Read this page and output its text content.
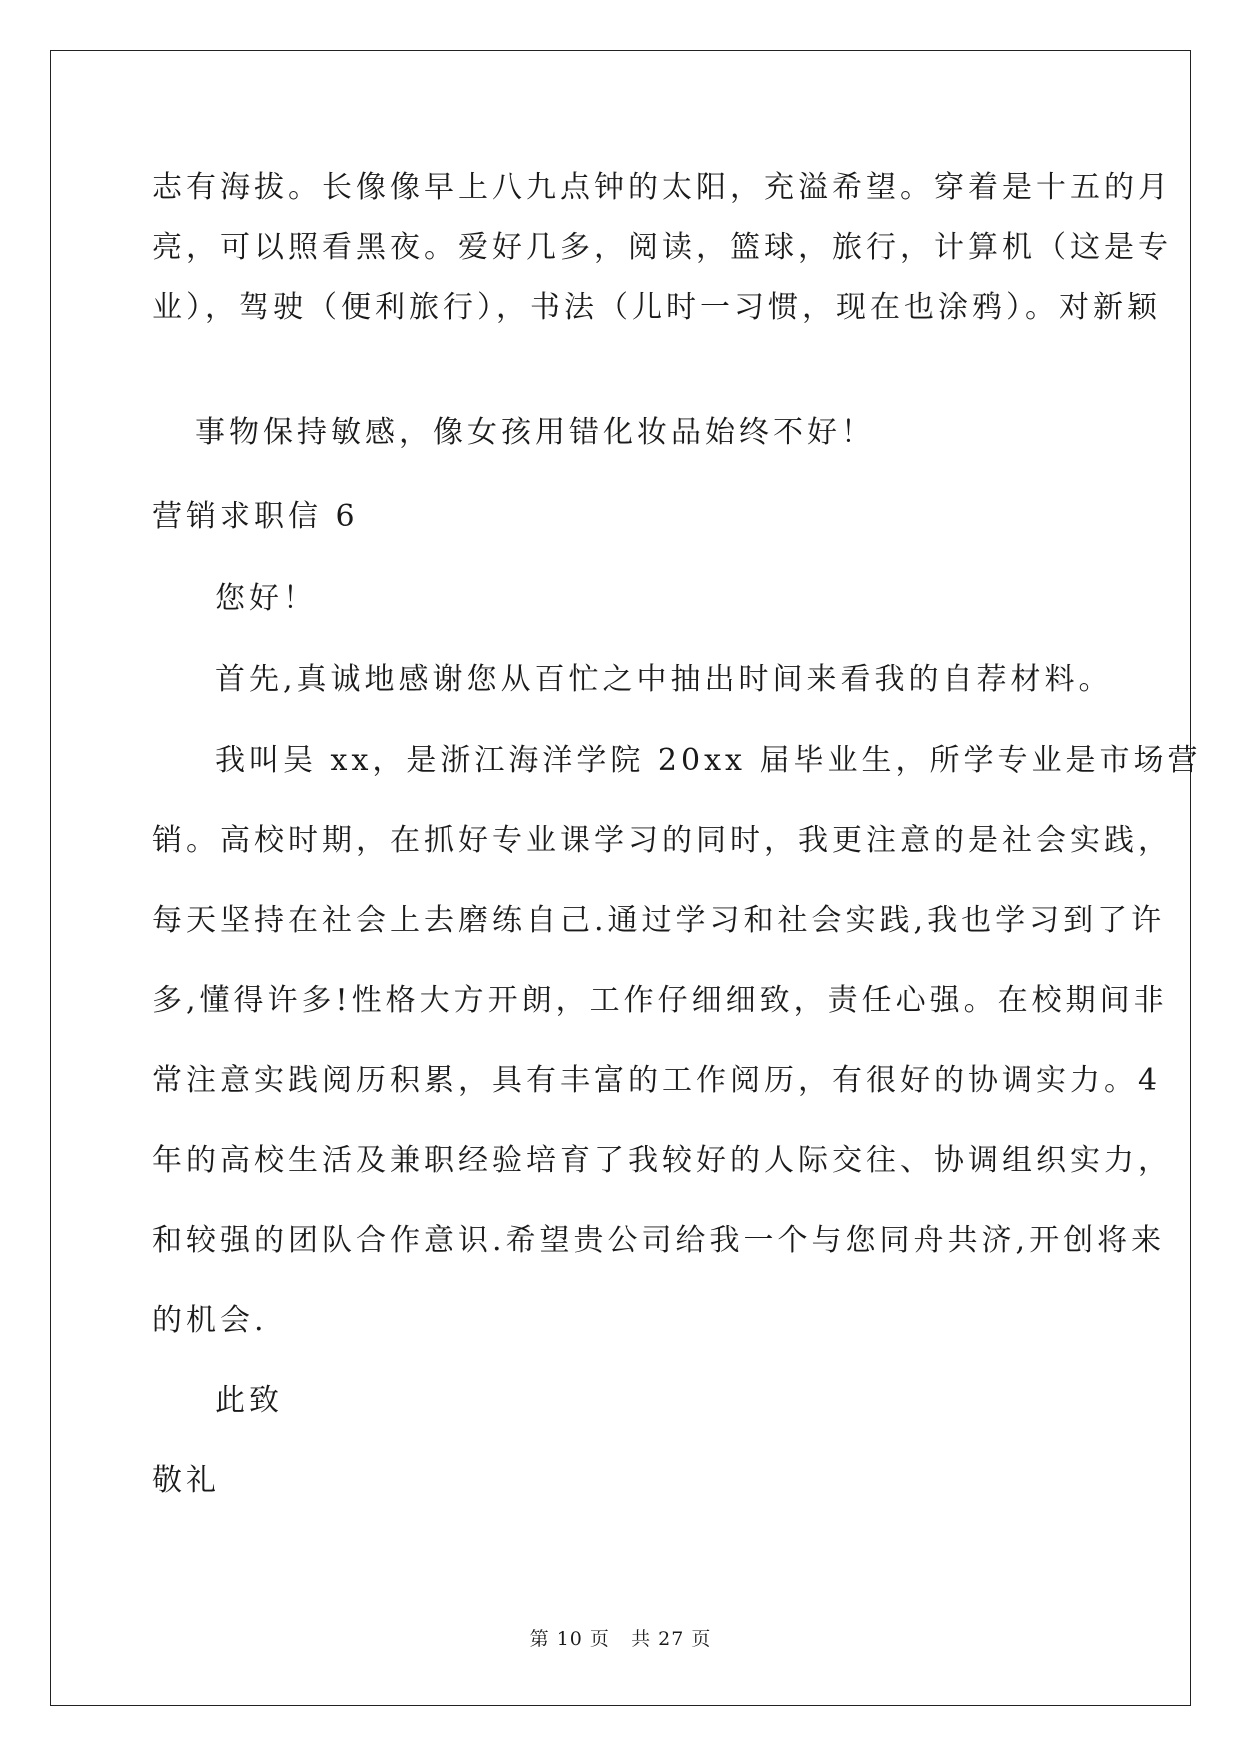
志有海拔。长像像早上八九点钟的太阳，充溢希望。穿着是十五的月
亮，可以照看黑夜。爱好几多，阅读，篮球，旅行，计算机（这是专
业），驾驶（便利旅行），书法（儿时一习惯，现在也涂鸦）。对新颖
事物保持敏感，像女孩用错化妆品始终不好！
营销求职信 6
您好！
首先,真诚地感谢您从百忙之中抽出时间来看我的自荐材料。
我叫吴 xx，是浙江海洋学院 20xx 届毕业生，所学专业是市场营
销。高校时期，在抓好专业课学习的同时，我更注意的是社会实践，
每天坚持在社会上去磨练自己.通过学习和社会实践,我也学习到了许
多,懂得许多!性格大方开朗，工作仔细细致，责任心强。在校期间非
常注意实践阅历积累，具有丰富的工作阅历，有很好的协调实力。4
年的高校生活及兼职经验培育了我较好的人际交往、协调组织实力，
和较强的团队合作意识.希望贵公司给我一个与您同舟共济,开创将来
的机会.
此致
敬礼
第 10 页 共 27 页
